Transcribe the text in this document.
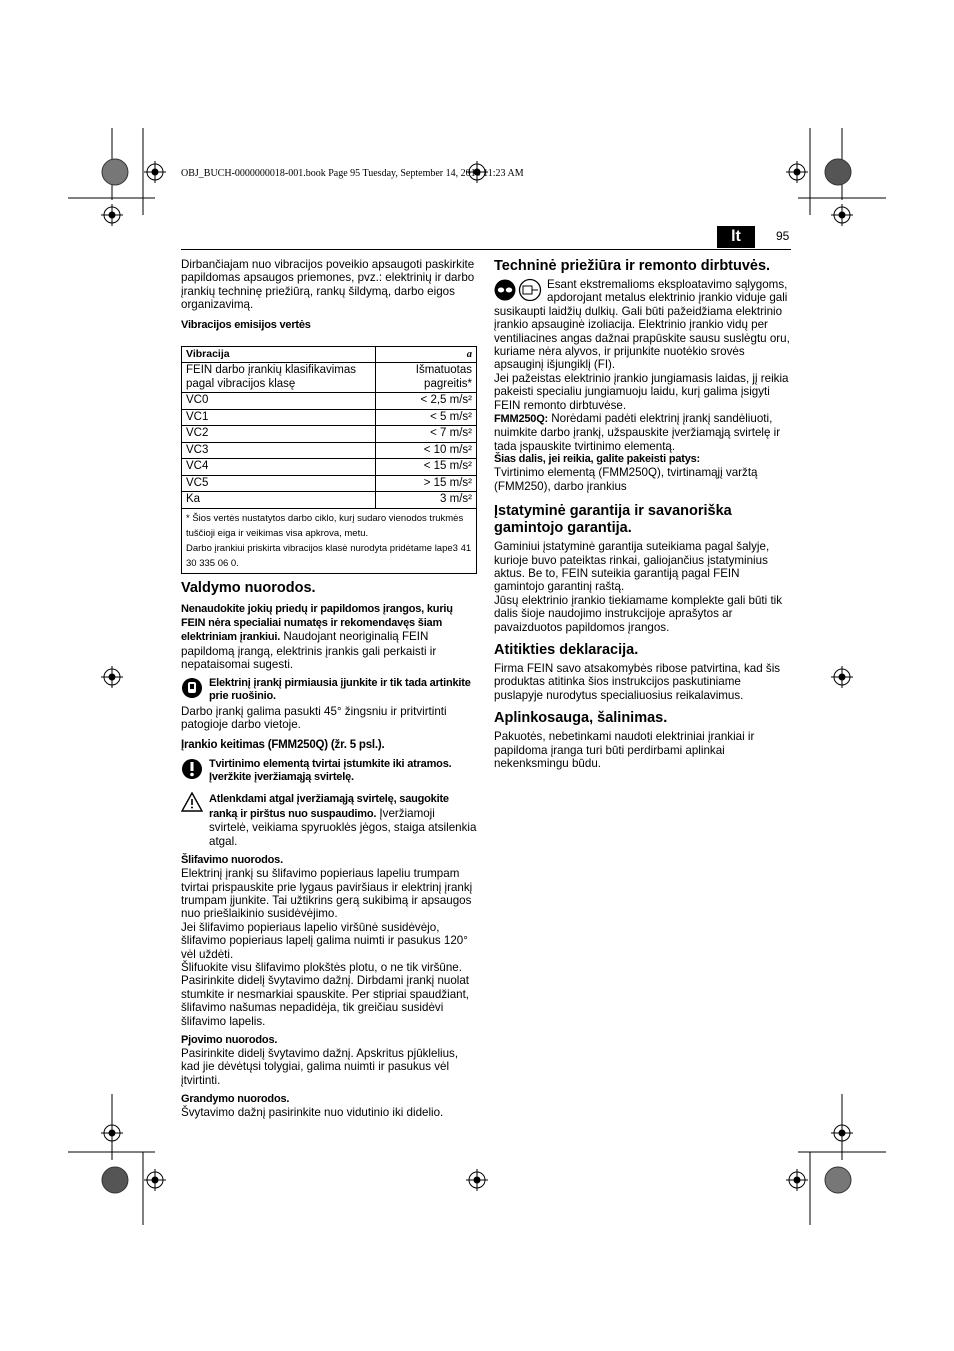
OBJ_BUCH-0000000018-001.book Page 95 Tuesday, September 14, 2010 11:23 AM
lt	95

Dirbančiajam nuo vibracijos poveikio apsaugoti paskirkite papildomas apsaugos priemones, pvz.: elektrinių ir darbo įrankių techninę priežiūrą, rankų šildymą, darbo eigos organizavimą.

Vibracijos emisijos vertės

Vibracija	a
FEIN darbo įrankių klasifikavimas pagal vibracijos klasę	Išmatuotas pagreitis*
VC0	< 2,5 m/s²
VC1	< 5 m/s²
VC2	< 7 m/s²
VC3	< 10 m/s²
VC4	< 15 m/s²
VC5	> 15 m/s²
Ka	3 m/s²

* Šios vertės nustatytos darbo ciklo, kurį sudaro vienodos trukmės tuščioji eiga ir veikimas visa apkrova, metu.
Darbo įrankiui priskirta vibracijos klasė nurodyta pridėtame lape3 41 30 335 06 0.	

Valdymo nuorodos.

Nenaudokite jokių priedų ir papildomos įrangos, kurių FEIN nėra specialiai numatęs ir rekomendavęs šiam elektriniam įrankiui. Naudojant neoriginalią FEIN papildomą įrangą, elektrinis įrankis gali perkaisti ir nepataisomai sugesti.

Elektrinį įrankį pirmiausia įjunkite ir tik tada artinkite prie ruošinio.

Darbo įrankį galima pasukti 45° žingsniu ir pritvirtinti patogioje darbo vietoje.

Įrankio keitimas (FMM250Q) (žr. 5 psl.).

Tvirtinimo elementą tvirtai įstumkite iki atramos. Įveržkite įveržiamąją svirtelę.
Atlenkdami atgal įveržiamąją svirtelę, saugokite ranką ir pirštus nuo suspaudimo. Įveržiamoji svirtelė, veikiama spyruoklės jėgos, staiga atsilenkia atgal.

Šlifavimo nuorodos.

Elektrinį įrankį su šlifavimo popieriaus lapeliu trumpam tvirtai prispauskite prie lygaus paviršiaus ir elektrinį įrankį trumpam įjunkite. Tai užtikrins gerą sukibimą ir apsaugos nuo priešlaikinio susidėvėjimo.

Jei šlifavimo popieriaus lapelio viršūnė susidėvėjo, šlifavimo popieriaus lapelį galima nuimti ir pasukus 120° vėl uždėti.

Šlifuokite visu šlifavimo plokštės plotu, o ne tik viršūne. Pasirinkite didelį švytavimo dažnį. Dirbdami įrankį nuolat stumkite ir nesmarkiai spauskite. Per stipriai spaudžiant, šlifavimo našumas nepadidėja, tik greičiau susidėvi šlifavimo lapelis.

Pjovimo nuorodos.

Pasirinkite didelį švytavimo dažnį. Apskritus pjūklelius, kad jie dėvėtųsi tolygiai, galima nuimti ir pasukus vėl įtvirtinti.

Grandymo nuorodos.

Švytavimo dažnį pasirinkite nuo vidutinio iki didelio.

Techninė priežiūra ir remonto dirbtuvės.

Esant ekstremalioms eksploatavimo sąlygoms, apdorojant metalus elektrinio įrankio viduje gali susikaupti laidžių dulkių. Gali būti pažeidžiama elektrinio įrankio apsauginė izoliacija. Elektrinio įrankio vidų per ventiliacines angas dažnai prapūskite sausu suslėgtu oru, kuriame nėra alyvos, ir prijunkite nuotėkio srovės apsauginį išjungiklį (FI).

Jei pažeistas elektrinio įrankio jungiamasis laidas, jį reikia pakeisti specialiu jungiamuoju laidu, kurį galima įsigyti FEIN remonto dirbtuvėse.

FMM250Q: Norėdami padėti elektrinį įrankį sandėliuoti, nuimkite darbo įrankį, užspauskite įveržiamąją svirtelę ir tada įspauskite tvirtinimo elementą.

Šias dalis, jei reikia, galite pakeisti patys:

Tvirtinimo elementą (FMM250Q), tvirtinamąjį varžtą (FMM250), darbo įrankius

Įstatyminė garantija ir savanoriška gamintojo garantija.

Gaminiui įstatyminė garantija suteikiama pagal šalyje, kurioje buvo pateiktas rinkai, galiojančius įstatyminius aktus. Be to, FEIN suteikia garantiją pagal FEIN gamintojo garantinį raštą.

Jūsų elektrinio įrankio tiekiamame komplekte gali būti tik dalis šioje naudojimo instrukcijoje aprašytos ar pavaizduotos papildomos įrangos.

Atitikties deklaracija.

Firma FEIN savo atsakomybės ribose patvirtina, kad šis produktas atitinka šios instrukcijos paskutiniame puslapyje nurodytus specialiuosius reikalavimus.

Aplinkosauga, šalinimas.

Pakuotės, nebetinkami naudoti elektriniai įrankiai ir papildoma įranga turi būti perdirbami aplinkai nekenksmingu būdu.
